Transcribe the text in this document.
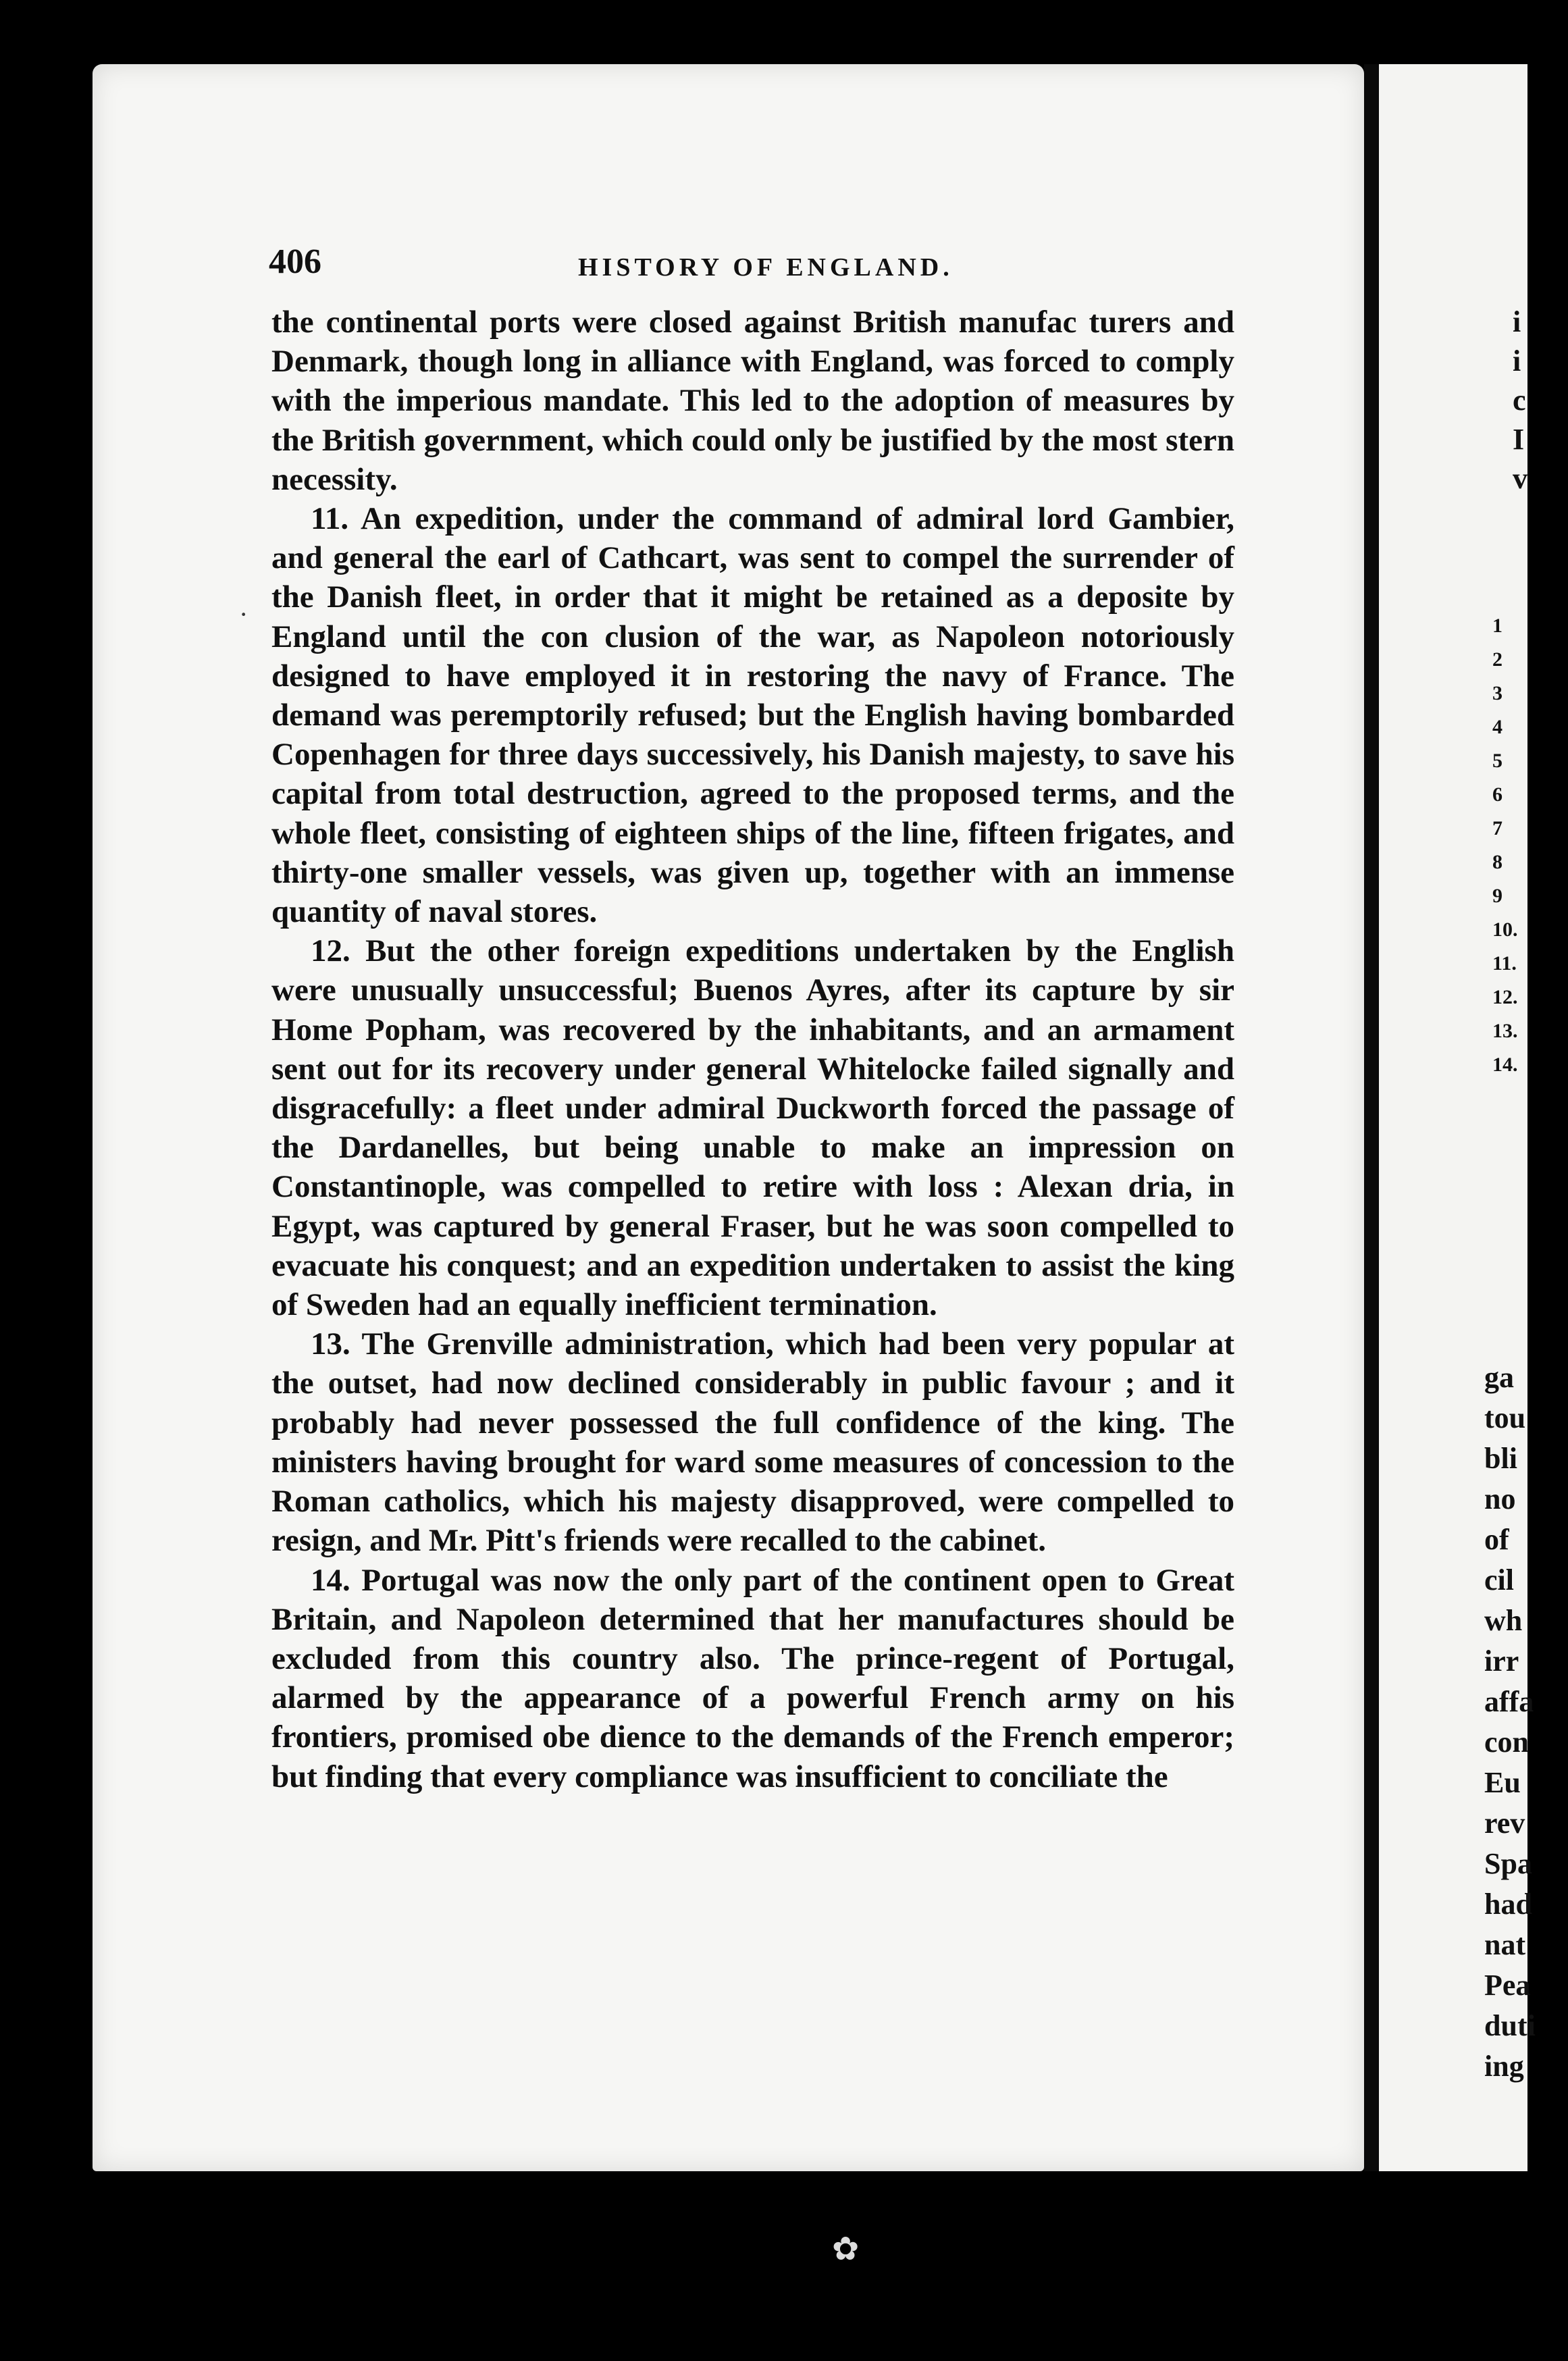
406	HISTORY OF ENGLAND.

the continental ports were closed against British manufac turers and Denmark, though long in alliance with England, was forced to comply with the imperious mandate. This led to the adoption of measures by the British government, which could only be justified by the most stern necessity.

11. An expedition, under the command of admiral lord Gambier, and general the earl of Cathcart, was sent to compel the surrender of the Danish fleet, in order that it might be retained as a deposite by England until the con clusion of the war, as Napoleon notoriously designed to have employed it in restoring the navy of France. The demand was peremptorily refused; but the English having bombarded Copenhagen for three days successively, his Danish majesty, to save his capital from total destruction, agreed to the proposed terms, and the whole fleet, consisting of eighteen ships of the line, fifteen frigates, and thirty-one smaller vessels, was given up, together with an immense quantity of naval stores.

12. But the other foreign expeditions undertaken by the English were unusually unsuccessful; Buenos Ayres, after its capture by sir Home Popham, was recovered by the inhabitants, and an armament sent out for its recovery under general Whitelocke failed signally and disgracefully: a fleet under admiral Duckworth forced the passage of the Dardanelles, but being unable to make an impression on Constantinople, was compelled to retire with loss : Alexan dria, in Egypt, was captured by general Fraser, but he was soon compelled to evacuate his conquest; and an expedition undertaken to assist the king of Sweden had an equally inefficient termination.

13. The Grenville administration, which had been very popular at the outset, had now declined considerably in public favour ; and it probably had never possessed the full confidence of the king. The ministers having brought for ward some measures of concession to the Roman catholics, which his majesty disapproved, were compelled to resign, and Mr. Pitt's friends were recalled to the cabinet.

14. Portugal was now the only part of the continent open to Great Britain, and Napoleon determined that her manufactures should be excluded from this country also. The prince-regent of Portugal, alarmed by the appearance of a powerful French army on his frontiers, promised obe dience to the demands of the French emperor; but finding that every compliance was insufficient to conciliate the

i
i
c
I
v
1
2
3
4
5
6
7
8
9
10.
11.
12.
13.
14.
ga
tou
bli
no
of
cil
wh
irr
affa
con
Eu
rev
Spa
had
nat
Pea
duti
ing
·
✿
